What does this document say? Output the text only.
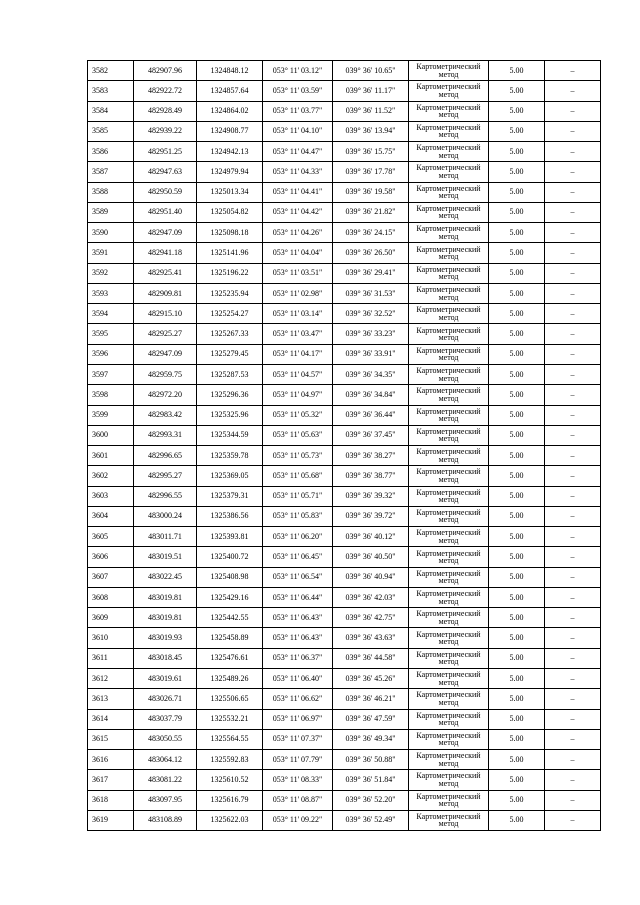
3582	482907.96	1324848.12	053° 11' 03.12"	039° 36' 10.65"	Картометрический метод	5.00	–
3583	482922.72	1324857.64	053° 11' 03.59"	039° 36' 11.17"	Картометрический метод	5.00	–
3584	482928.49	1324864.02	053° 11' 03.77"	039° 36' 11.52"	Картометрический метод	5.00	–
3585	482939.22	1324908.77	053° 11' 04.10"	039° 36' 13.94"	Картометрический метод	5.00	–
3586	482951.25	1324942.13	053° 11' 04.47"	039° 36' 15.75"	Картометрический метод	5.00	–
3587	482947.63	1324979.94	053° 11' 04.33"	039° 36' 17.78"	Картометрический метод	5.00	–
3588	482950.59	1325013.34	053° 11' 04.41"	039° 36' 19.58"	Картометрический метод	5.00	–
3589	482951.40	1325054.82	053° 11' 04.42"	039° 36' 21.82"	Картометрический метод	5.00	–
3590	482947.09	1325098.18	053° 11' 04.26"	039° 36' 24.15"	Картометрический метод	5.00	–
3591	482941.18	1325141.96	053° 11' 04.04"	039° 36' 26.50"	Картометрический метод	5.00	–
3592	482925.41	1325196.22	053° 11' 03.51"	039° 36' 29.41"	Картометрический метод	5.00	–
3593	482909.81	1325235.94	053° 11' 02.98"	039° 36' 31.53"	Картометрический метод	5.00	–
3594	482915.10	1325254.27	053° 11' 03.14"	039° 36' 32.52"	Картометрический метод	5.00	–
3595	482925.27	1325267.33	053° 11' 03.47"	039° 36' 33.23"	Картометрический метод	5.00	–
3596	482947.09	1325279.45	053° 11' 04.17"	039° 36' 33.91"	Картометрический метод	5.00	–
3597	482959.75	1325287.53	053° 11' 04.57"	039° 36' 34.35"	Картометрический метод	5.00	–
3598	482972.20	1325296.36	053° 11' 04.97"	039° 36' 34.84"	Картометрический метод	5.00	–
3599	482983.42	1325325.96	053° 11' 05.32"	039° 36' 36.44"	Картометрический метод	5.00	–
3600	482993.31	1325344.59	053° 11' 05.63"	039° 36' 37.45"	Картометрический метод	5.00	–
3601	482996.65	1325359.78	053° 11' 05.73"	039° 36' 38.27"	Картометрический метод	5.00	–
3602	482995.27	1325369.05	053° 11' 05.68"	039° 36' 38.77"	Картометрический метод	5.00	–
3603	482996.55	1325379.31	053° 11' 05.71"	039° 36' 39.32"	Картометрический метод	5.00	–
3604	483000.24	1325386.56	053° 11' 05.83"	039° 36' 39.72"	Картометрический метод	5.00	–
3605	483011.71	1325393.81	053° 11' 06.20"	039° 36' 40.12"	Картометрический метод	5.00	–
3606	483019.51	1325400.72	053° 11' 06.45"	039° 36' 40.50"	Картометрический метод	5.00	–
3607	483022.45	1325408.98	053° 11' 06.54"	039° 36' 40.94"	Картометрический метод	5.00	–
3608	483019.81	1325429.16	053° 11' 06.44"	039° 36' 42.03"	Картометрический метод	5.00	–
3609	483019.81	1325442.55	053° 11' 06.43"	039° 36' 42.75"	Картометрический метод	5.00	–
3610	483019.93	1325458.89	053° 11' 06.43"	039° 36' 43.63"	Картометрический метод	5.00	–
3611	483018.45	1325476.61	053° 11' 06.37"	039° 36' 44.58"	Картометрический метод	5.00	–
3612	483019.61	1325489.26	053° 11' 06.40"	039° 36' 45.26"	Картометрический метод	5.00	–
3613	483026.71	1325506.65	053° 11' 06.62"	039° 36' 46.21"	Картометрический метод	5.00	–
3614	483037.79	1325532.21	053° 11' 06.97"	039° 36' 47.59"	Картометрический метод	5.00	–
3615	483050.55	1325564.55	053° 11' 07.37"	039° 36' 49.34"	Картометрический метод	5.00	–
3616	483064.12	1325592.83	053° 11' 07.79"	039° 36' 50.88"	Картометрический метод	5.00	–
3617	483081.22	1325610.52	053° 11' 08.33"	039° 36' 51.84"	Картометрический метод	5.00	–
3618	483097.95	1325616.79	053° 11' 08.87"	039° 36' 52.20"	Картометрический метод	5.00	–
3619	483108.89	1325622.03	053° 11' 09.22"	039° 36' 52.49"	Картометрический метод	5.00	–
